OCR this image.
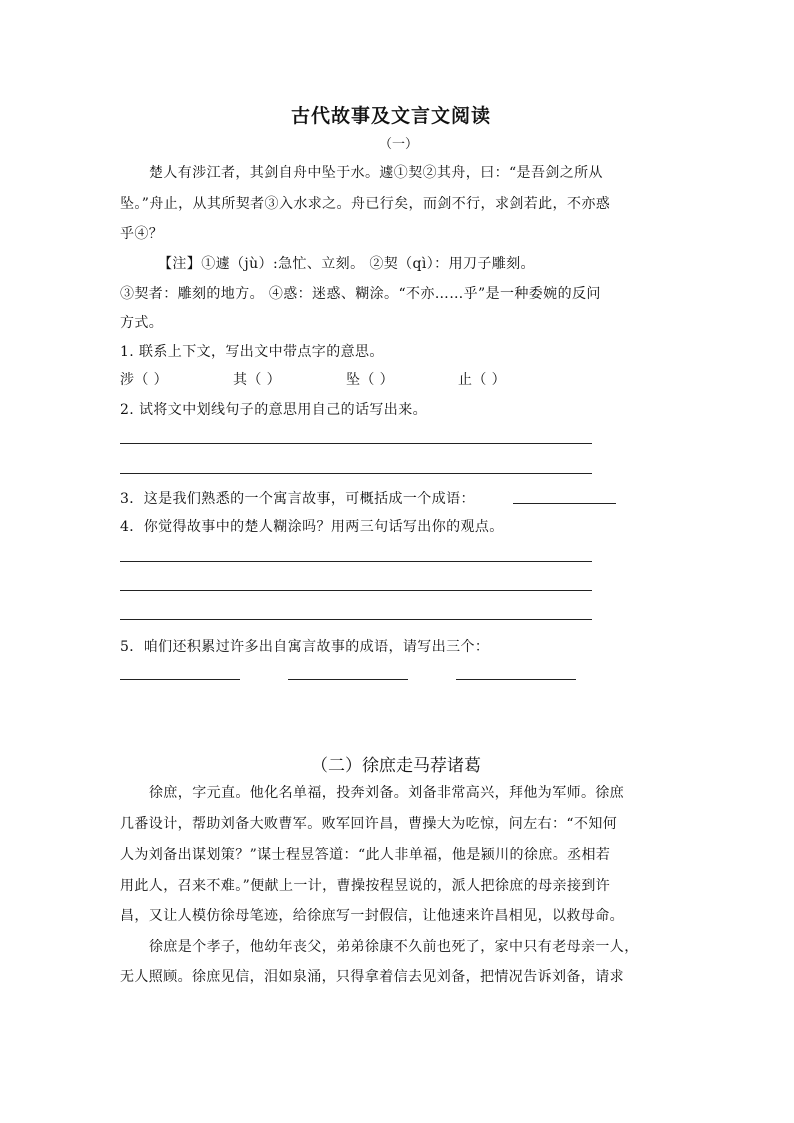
古代故事及文言文阅读
（一）
楚人有涉江者，其剑自舟中坠于水。遽①契②其舟，曰：“是吾剑之所从
坠。”舟止，从其所契者③入水求之。舟已行矣，而剑不行，求剑若此，不亦惑
乎④？
【注】①遽（jù）:急忙、立刻。 ②契（qì）：用刀子雕刻。
③契者：雕刻的地方。 ④惑：迷惑、糊涂。“不亦……乎”是一种委婉的反问
方式。
1. 联系上下文，写出文中带点字的意思。
涉（ ）	其（ ）	坠（ ）	止（ ）
2. 试将文中划线句子的意思用自己的话写出来。
3．这是我们熟悉的一个寓言故事，可概括成一个成语：
4．你觉得故事中的楚人糊涂吗？用两三句话写出你的观点。
5．咱们还积累过许多出自寓言故事的成语，请写出三个：
（二）徐庶走马荐诸葛
徐庶，字元直。他化名单福，投奔刘备。刘备非常高兴，拜他为军师。徐庶
几番设计，帮助刘备大败曹军。败军回许昌，曹操大为吃惊，问左右：“不知何
人为刘备出谋划策？”谋士程昱答道：“此人非单福，他是颍川的徐庶。丞相若
用此人，召来不难。”便献上一计，曹操按程昱说的，派人把徐庶的母亲接到许
昌，又让人模仿徐母笔迹，给徐庶写一封假信，让他速来许昌相见，以救母命。
徐庶是个孝子，他幼年丧父，弟弟徐康不久前也死了，家中只有老母亲一人，
无人照顾。徐庶见信，泪如泉涌，只得拿着信去见刘备，把情况告诉刘备，请求
